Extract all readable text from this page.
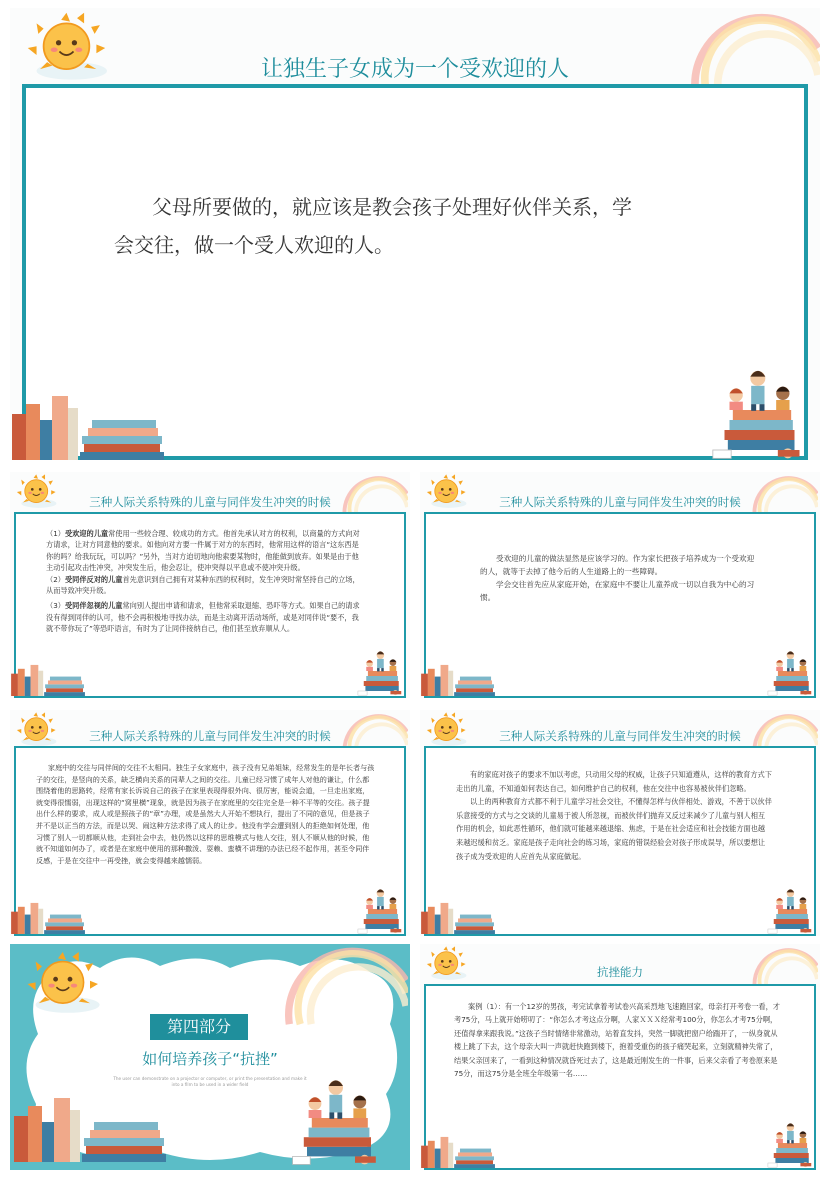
让独生子女成为一个受欢迎的人
父母所要做的，就应该是教会孩子处理好伙伴关系，学
会交往，做一个受人欢迎的人。
三种人际关系特殊的儿童与同伴发生冲突的时候

（1）受欢迎的儿童常使用一些较合理、较成功的方式。他首先承认对方的权利，以商量的方式向对方请求，让对方同意他的要求。如他向对方要一件属于对方的东西时，他常用这样的语言“这东西是你的吗？给我玩玩，可以吗？”另外，当对方迫切地向他索要某物时，他能做到放弃。如果是由于他主动引起攻击性冲突，冲突发生后，他会忍让，使冲突得以平息或不使冲突升级。

（2）受同伴反对的儿童首先意识到自己拥有对某种东西的权利时，发生冲突时常坚持自己的立场，从而导致冲突升级。

（3）受同伴忽视的儿童常向别人提出申请和请求，但他常采取退缩、恐吓等方式。如果自己的请求没有得到同伴的认可，他不会再积极地寻找办法，而是主动离开活动场所，或是对同伴说“要不，我就不带你玩了”等恐吓语言，有时为了让同伴接纳自己，他们甚至放弃顺从人。

三种人际关系特殊的儿童与同伴发生冲突的时候

受欢迎的儿童的做法显然是应该学习的。作为家长把孩子培养成为一个受欢迎的人，就等于去掉了他今后的人生道路上的一些障碍。

学会交往首先应从家庭开始，在家庭中不要让儿童养成一切以自我为中心的习惯。

三种人际关系特殊的儿童与同伴发生冲突的时候

家庭中的交往与同伴间的交往不太相同。独生子女家庭中，孩子没有兄弟姐妹，经常发生的是年长者与孩子的交往，是竖向的关系，缺乏横向关系的同辈人之间的交往。儿童已经习惯了成年人对他的谦让，什么都围绕着他的思路转，经常有家长诉说自己的孩子在家里表现得很外向、很厉害，能说会道，一旦走出家庭，就变得很懦弱，出现这样的“窝里横”现象，就是因为孩子在家庭里的交往完全是一种不平等的交往。孩子提出什么样的要求，成人或是照孩子的“章”办理，或是虽然大人开始不想执行，提出了不同的意见，但是孩子并不是以正当的方法，而是以哭、闹这种方法求得了成人的让步。他没有学会遭到别人的拒绝如何处理，他习惯了别人一切都顺从他，走到社会中去，他仍然以这样的思维模式与他人交往，别人不顺从他的时候，他就不知道如何办了，或者是在家庭中使用的那种撒泼、耍赖、蛮横不讲理的办法已经不起作用，甚至令同伴反感，于是在交往中一再受挫，就会变得越来越懦弱。

三种人际关系特殊的儿童与同伴发生冲突的时候

有的家庭对孩子的要求不加以考虑，只动用父母的权威，让孩子只知道遵从，这样的教育方式下走出的儿童，不知道如何表达自己，如何维护自己的权利，他在交往中也容易被伙伴们忽略。

以上的两种教育方式都不利于儿童学习社会交往，不懂得怎样与伙伴相处、游戏，不善于以伙伴乐意接受的方式与之交谈的儿童易于被人所忽视，而被伙伴们抛弃又反过来减少了儿童与别人相互作用的机会，如此恶性循环，他们就可能越来越退缩、焦虑，于是在社会适应和社会技能方面也越来越迟缓和贫乏。家庭是孩子走向社会的练习场，家庭的错误经验会对孩子形成误导，所以要想让孩子成为受欢迎的人应首先从家庭做起。

第四部分
如何培养孩子“抗挫”
The user can demonstrate on a projector or computer, or print the presentation and make it
into a film to be used in a wider field
抗挫能力

案例（1）：有一个12岁的男孩，考完试拿着考试卷兴高采烈地飞速跑回家，母亲打开考卷一看，才考75分，马上就开始唠叨了：“你怎么才考这点分啊，人家ＸＸＸ经常考100分，你怎么才考75分啊，还值得拿来跟我说。”这孩子当时情绪非常激动，站着直发抖，突然一脚就把窗户给踹开了，一纵身就从楼上跳了下去，这个母亲大叫一声就赶快跑到楼下，抱着受重伤的孩子痛哭起来，立刻就精神失常了，结果父亲回来了，一看到这种情况就昏死过去了，这是最近刚发生的一件事，后来父亲看了考卷原来是75分，而这75分是全班全年级第一名……
